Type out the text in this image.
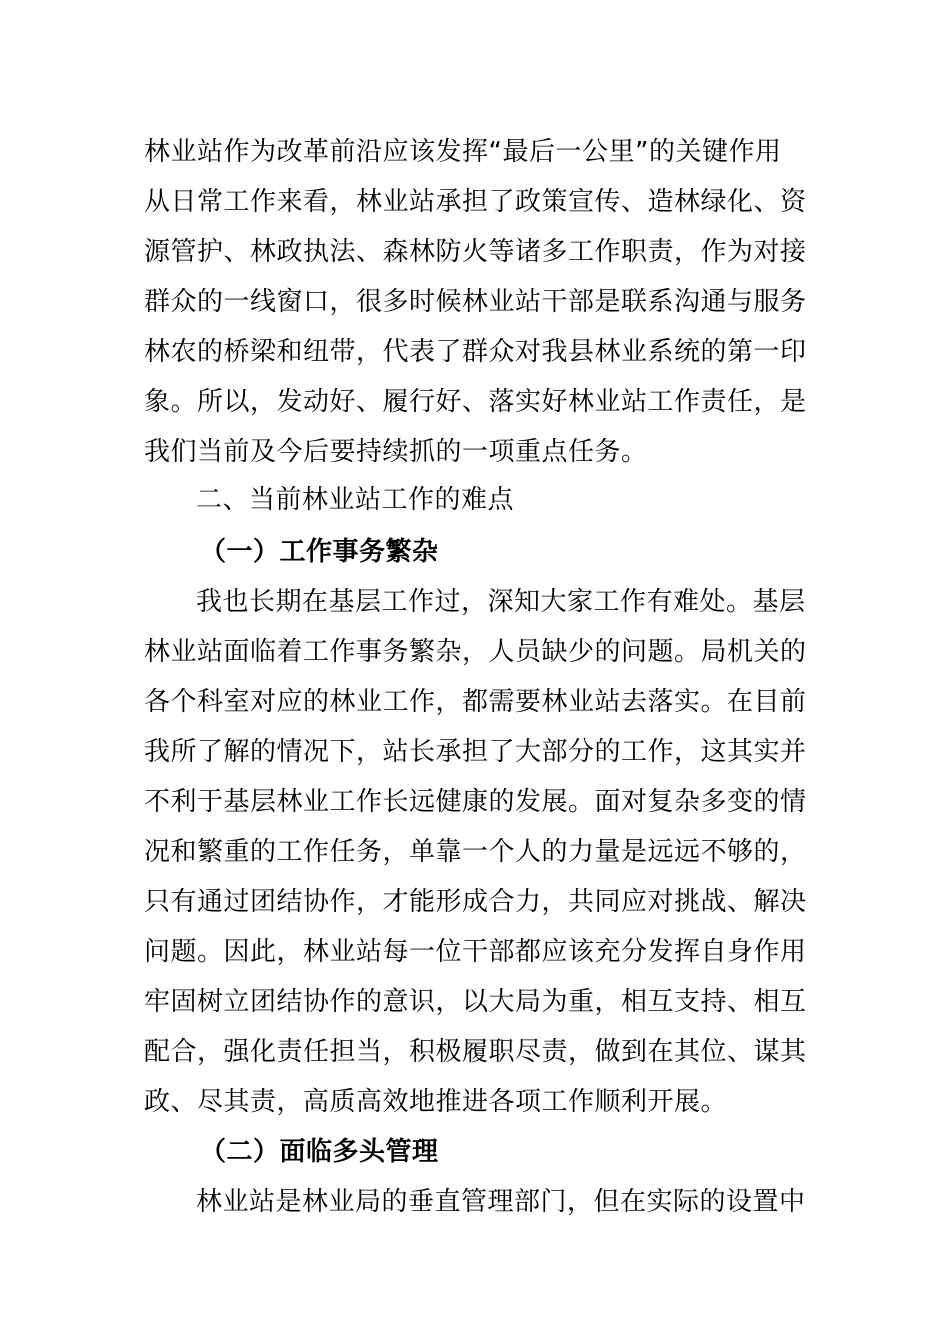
林业站作为改革前沿应该发挥“最后一公里”的关键作用
从日常工作来看，林业站承担了政策宣传、造林绿化、资
源管护、林政执法、森林防火等诸多工作职责，作为对接
群众的一线窗口，很多时候林业站干部是联系沟通与服务
林农的桥梁和纽带，代表了群众对我县林业系统的第一印
象。所以，发动好、履行好、落实好林业站工作责任，是
我们当前及今后要持续抓的一项重点任务。
二、当前林业站工作的难点
（一）工作事务繁杂
我也长期在基层工作过，深知大家工作有难处。基层
林业站面临着工作事务繁杂，人员缺少的问题。局机关的
各个科室对应的林业工作，都需要林业站去落实。在目前
我所了解的情况下，站长承担了大部分的工作，这其实并
不利于基层林业工作长远健康的发展。面对复杂多变的情
况和繁重的工作任务，单靠一个人的力量是远远不够的，
只有通过团结协作，才能形成合力，共同应对挑战、解决
问题。因此，林业站每一位干部都应该充分发挥自身作用
牢固树立团结协作的意识，以大局为重，相互支持、相互
配合，强化责任担当，积极履职尽责，做到在其位、谋其
政、尽其责，高质高效地推进各项工作顺利开展。
（二）面临多头管理
林业站是林业局的垂直管理部门，但在实际的设置中
